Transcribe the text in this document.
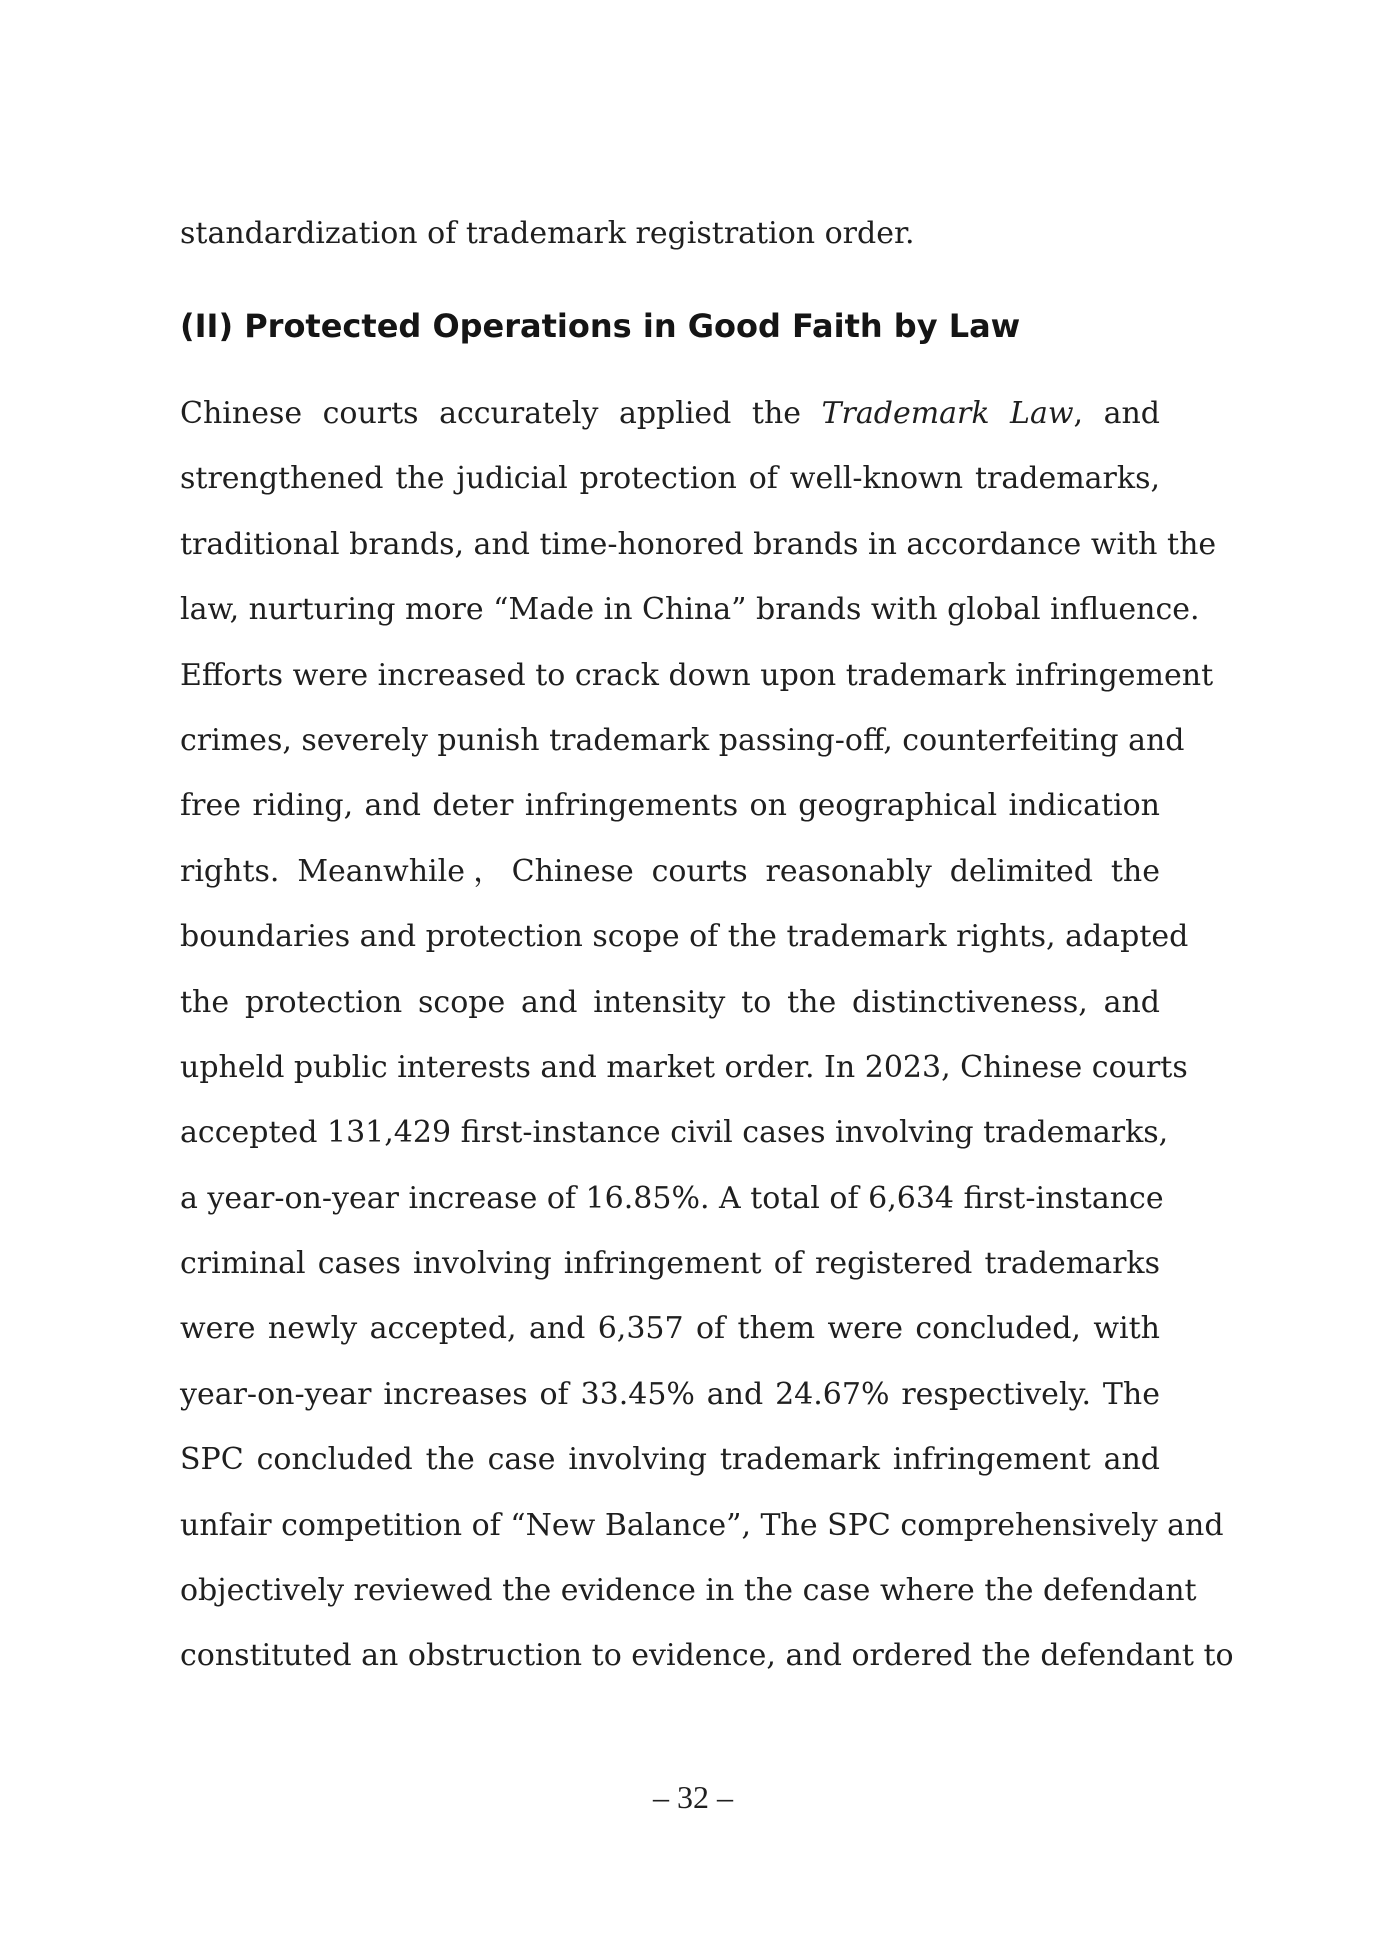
standardization of trademark registration order.
(II) Protected Operations in Good Faith by Law
Chinese courts accurately applied the Trademark Law, and
strengthened the judicial protection of well-known trademarks,
traditional brands, and time-honored brands in accordance with the
law, nurturing more “Made in China” brands with global influence.
Efforts were increased to crack down upon trademark infringement
crimes, severely punish trademark passing-off, counterfeiting and
free riding, and deter infringements on geographical indication
rights. Meanwhile，Chinese courts reasonably delimited the
boundaries and protection scope of the trademark rights, adapted
the protection scope and intensity to the distinctiveness, and
upheld public interests and market order. In 2023, Chinese courts
accepted 131,429 first-instance civil cases involving trademarks,
a year-on-year increase of 16.85%. A total of 6,634 first-instance
criminal cases involving infringement of registered trademarks
were newly accepted, and 6,357 of them were concluded, with
year-on-year increases of 33.45% and 24.67% respectively. The
SPC concluded the case involving trademark infringement and
unfair competition of “New Balance”, The SPC comprehensively and
objectively reviewed the evidence in the case where the defendant
constituted an obstruction to evidence, and ordered the defendant to
– 32 –
